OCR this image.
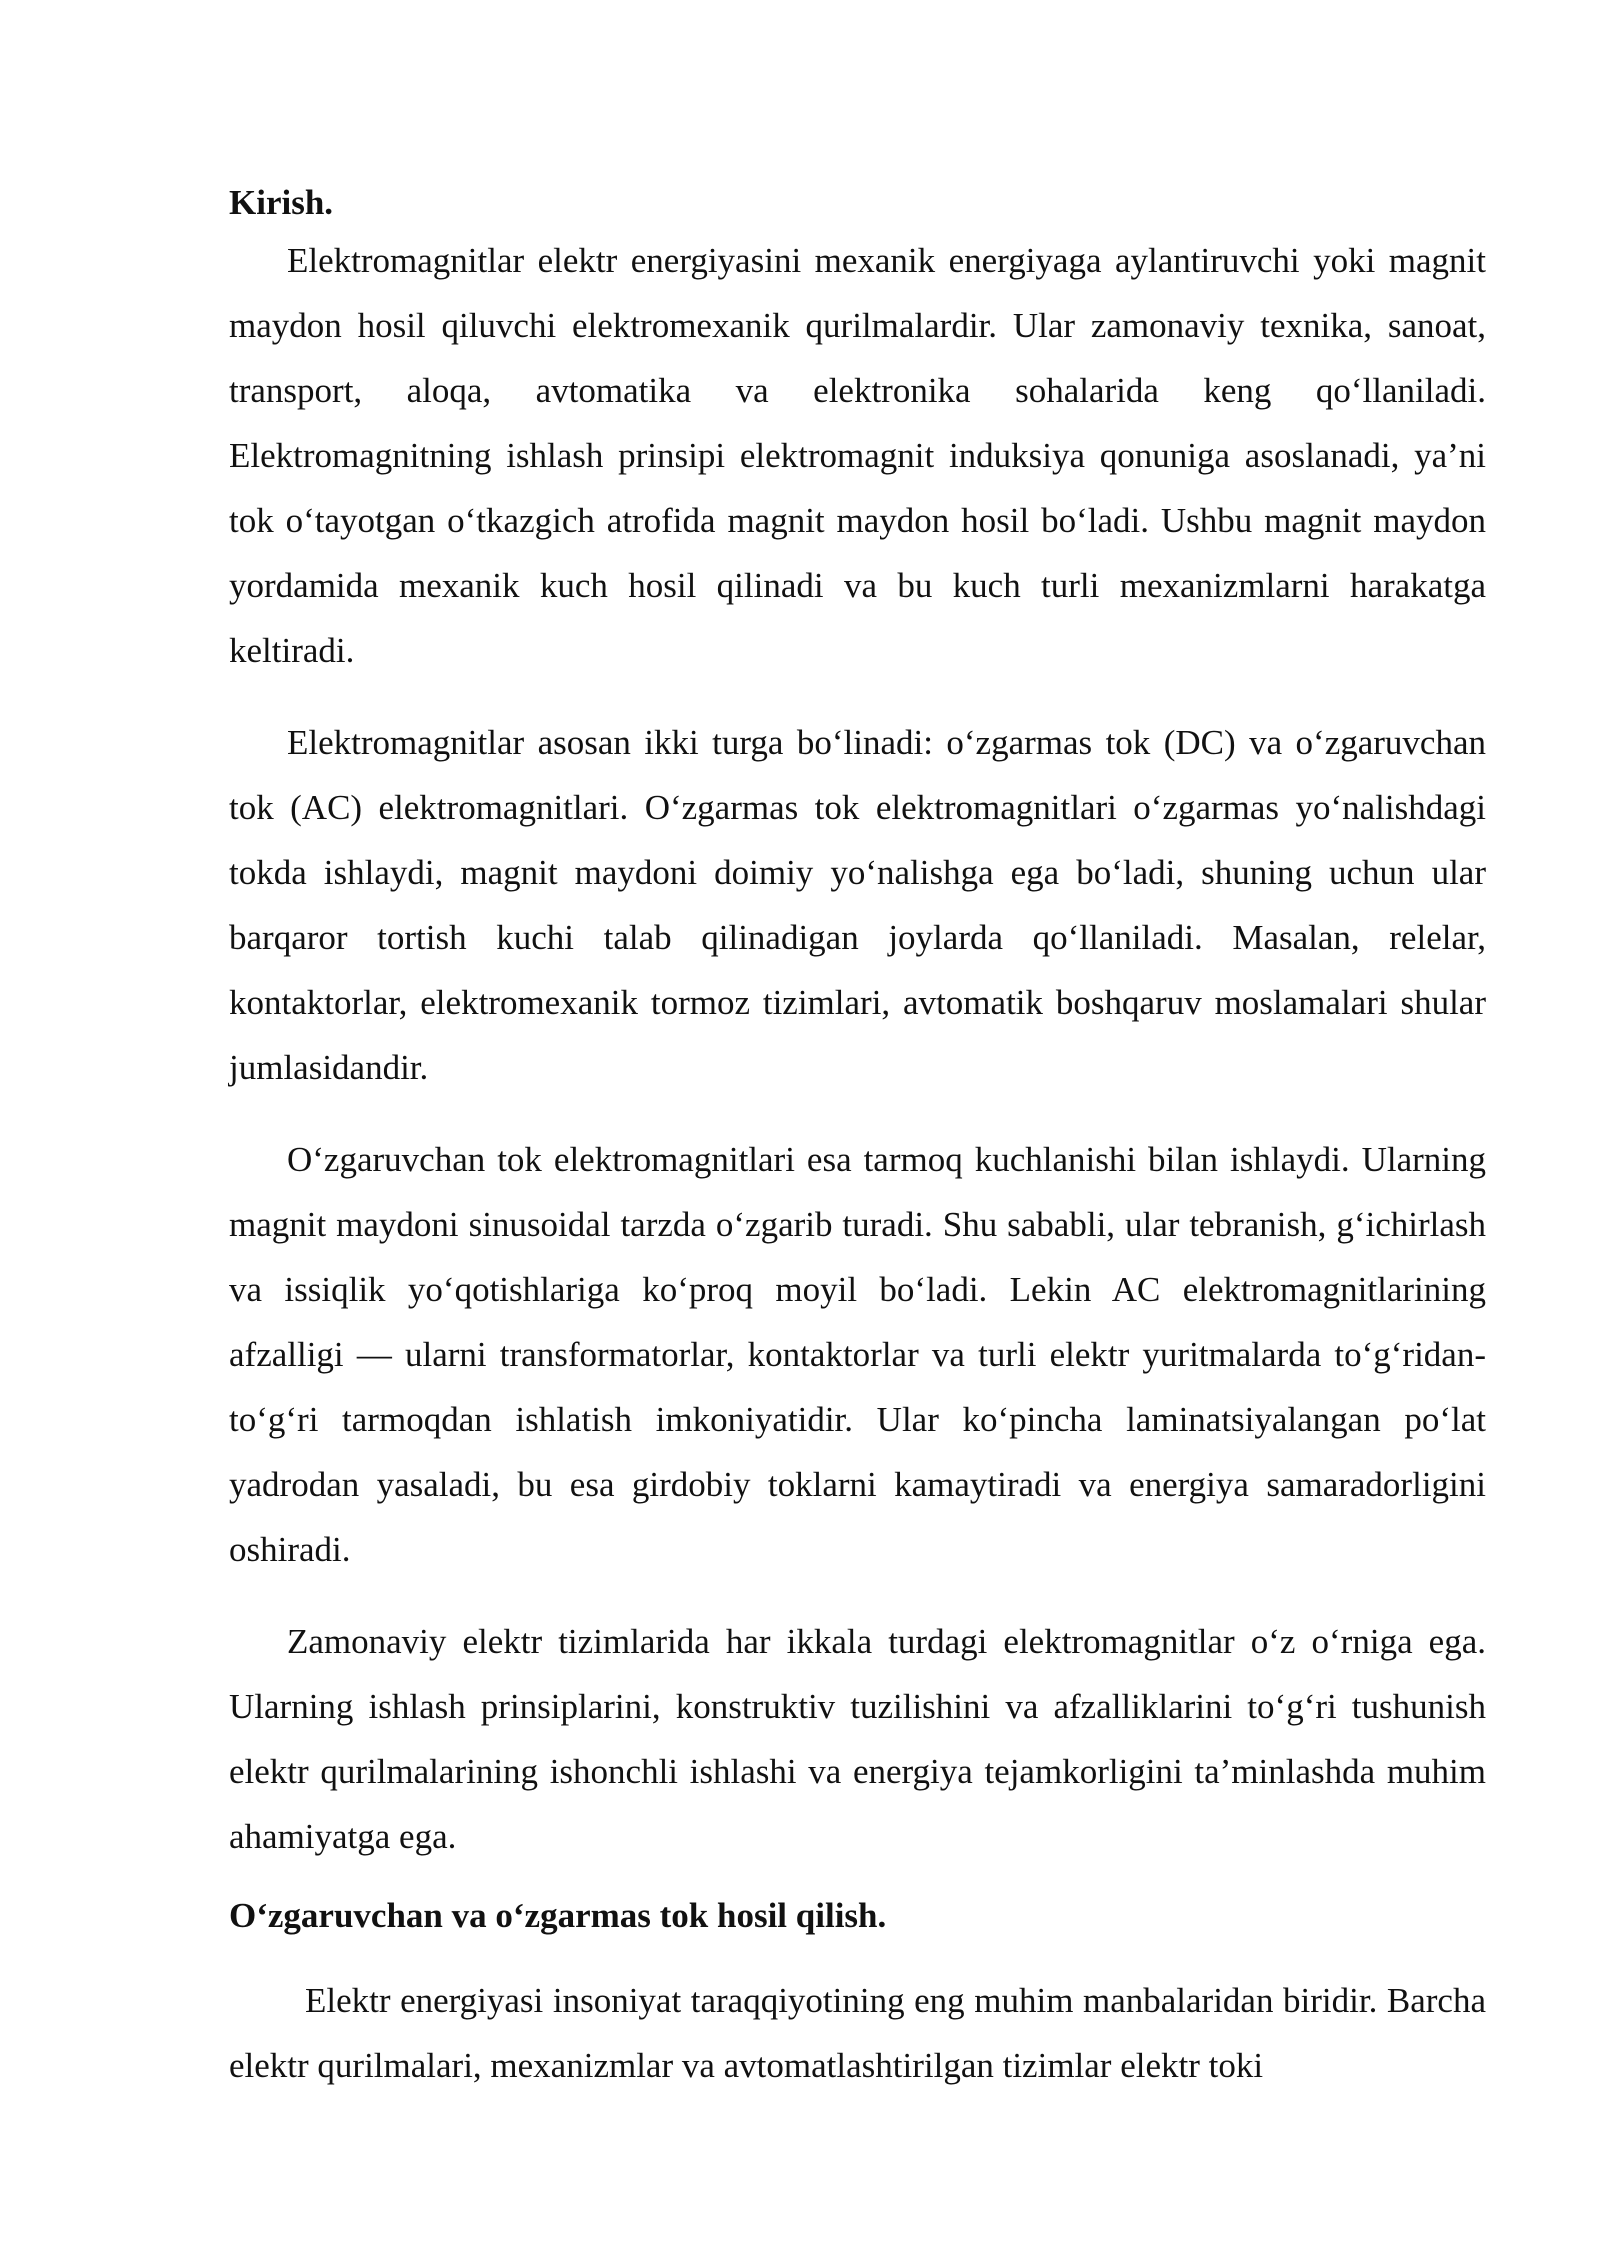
Kirish.

Elektromagnitlar elektr energiyasini mexanik energiyaga aylantiruvchi yoki magnit maydon hosil qiluvchi elektromexanik qurilmalardir. Ular zamonaviy texnika, sanoat, transport, aloqa, avtomatika va elektronika sohalarida keng qo‘llaniladi. Elektromagnitning ishlash prinsipi elektromagnit induksiya qonuniga asoslanadi, ya’ni tok o‘tayotgan o‘tkazgich atrofida magnit maydon hosil bo‘ladi. Ushbu magnit maydon yordamida mexanik kuch hosil qilinadi va bu kuch turli mexanizmlarni harakatga keltiradi.

Elektromagnitlar asosan ikki turga bo‘linadi: o‘zgarmas tok (DC) va o‘zgaruvchan tok (AC) elektromagnitlari. O‘zgarmas tok elektromagnitlari o‘zgarmas yo‘nalishdagi tokda ishlaydi, magnit maydoni doimiy yo‘nalishga ega bo‘ladi, shuning uchun ular barqaror tortish kuchi talab qilinadigan joylarda qo‘llaniladi. Masalan, relelar, kontaktorlar, elektromexanik tormoz tizimlari, avtomatik boshqaruv moslamalari shular jumlasidandir.

O‘zgaruvchan tok elektromagnitlari esa tarmoq kuchlanishi bilan ishlaydi. Ularning magnit maydoni sinusoidal tarzda o‘zgarib turadi. Shu sababli, ular tebranish, g‘ichirlash va issiqlik yo‘qotishlariga ko‘proq moyil bo‘ladi. Lekin AC elektromagnitlarining afzalligi — ularni transformatorlar, kontaktorlar va turli elektr yuritmalarda to‘g‘ridan-to‘g‘ri tarmoqdan ishlatish imkoniyatidir. Ular ko‘pincha laminatsiyalangan po‘lat yadrodan yasaladi, bu esa girdobiy toklarni kamaytiradi va energiya samaradorligini oshiradi.

Zamonaviy elektr tizimlarida har ikkala turdagi elektromagnitlar o‘z o‘rniga ega. Ularning ishlash prinsiplarini, konstruktiv tuzilishini va afzalliklarini to‘g‘ri tushunish elektr qurilmalarining ishonchli ishlashi va energiya tejamkorligini ta’minlashda muhim ahamiyatga ega.

O‘zgaruvchan va o‘zgarmas tok hosil qilish.

Elektr energiyasi insoniyat taraqqiyotining eng muhim manbalaridan biridir. Barcha elektr qurilmalari, mexanizmlar va avtomatlashtirilgan tizimlar elektr toki
